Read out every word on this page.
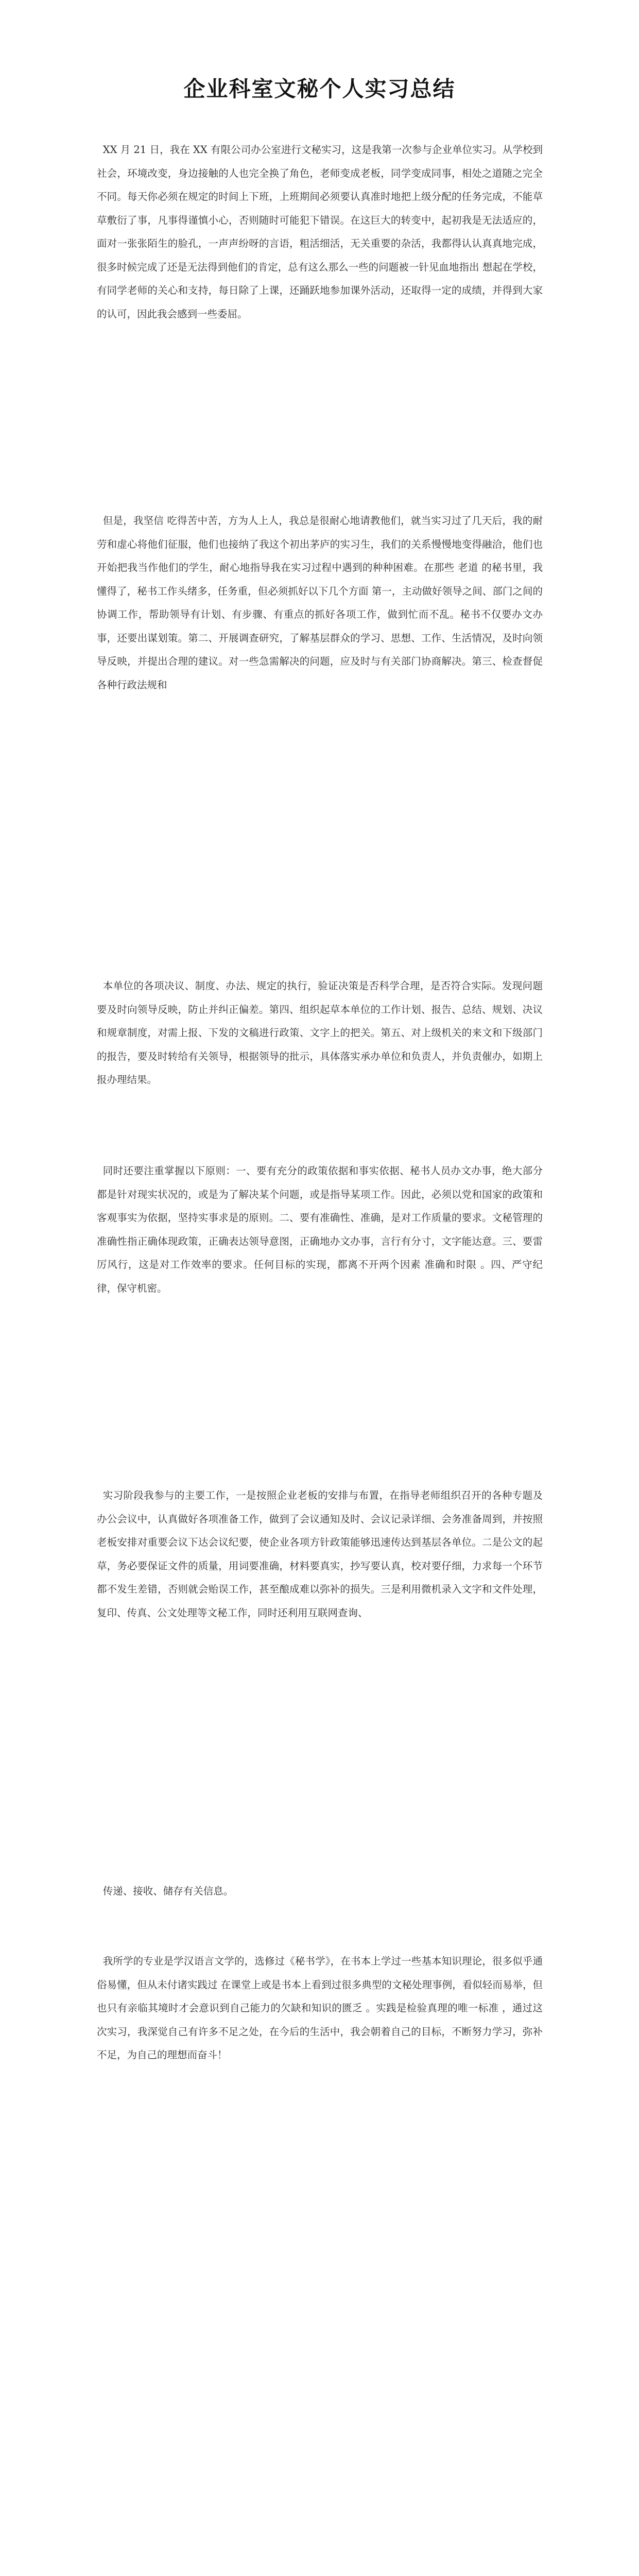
企业科室文秘个人实习总结

XX 月 21 日，我在 XX 有限公司办公室进行文秘实习，这是我第一次参与企业单位实习。从学校到社会，环境改变，身边接触的人也完全换了角色，老师变成老板，同学变成同事，相处之道随之完全不同。每天你必须在规定的时间上下班，上班期间必须要认真准时地把上级分配的任务完成，不能草草敷衍了事，凡事得谨慎小心，否则随时可能犯下错误。在这巨大的转变中，起初我是无法适应的，面对一张张陌生的脸孔，一声声纷呀的言语，粗活细活，无关重要的杂活，我都得认认真真地完成，很多时候完成了还是无法得到他们的肯定，总有这么那么一些的问题被一针见血地指出 想起在学校，有同学老师的关心和支持，每日除了上课，还踊跃地参加课外活动，还取得一定的成绩，并得到大家的认可，因此我会感到一些委屈。

但是，我坚信 吃得苦中苦，方为人上人，我总是很耐心地请教他们，就当实习过了几天后，我的耐劳和虚心将他们征服，他们也接纳了我这个初出茅庐的实习生，我们的关系慢慢地变得融洽，他们也开始把我当作他们的学生，耐心地指导我在实习过程中遇到的种种困难。在那些 老道 的秘书里，我懂得了，秘书工作头绪多，任务重，但必须抓好以下几个方面 第一，主动做好领导之间、部门之间的协调工作，帮助领导有计划、有步骤、有重点的抓好各项工作，做到忙而不乱。秘书不仅要办文办事，还要出谋划策。第二、开展调查研究，了解基层群众的学习、思想、工作、生活情况，及时向领导反映，并提出合理的建议。对一些急需解决的问题，应及时与有关部门协商解决。第三、检查督促各种行政法规和

本单位的各项决议、制度、办法、规定的执行，验证决策是否科学合理，是否符合实际。发现问题要及时向领导反映，防止并纠正偏差。第四、组织起草本单位的工作计划、报告、总结、规划、决议和规章制度，对需上报、下发的文稿进行政策、文字上的把关。第五、对上级机关的来文和下级部门的报告，要及时转给有关领导，根据领导的批示，具体落实承办单位和负责人，并负责催办，如期上报办理结果。

同时还要注重掌握以下原则：一、要有充分的政策依据和事实依据、秘书人员办文办事，绝大部分都是针对现实状况的，或是为了解决某个问题，或是指导某项工作。因此，必须以党和国家的政策和客观事实为依据，坚持实事求是的原则。二、要有准确性、准确，是对工作质量的要求。文秘管理的准确性指正确体现政策，正确表达领导意图，正确地办文办事，言行有分寸，文字能达意。三、要雷厉风行，这是对工作效率的要求。任何目标的实现，都离不开两个因素 准确和时限 。四、严守纪律，保守机密。

实习阶段我参与的主要工作，一是按照企业老板的安排与布置，在指导老师组织召开的各种专题及办公会议中，认真做好各项准备工作，做到了会议通知及时、会议记录详细、会务准备周到，并按照老板安排对重要会议下达会议纪要，使企业各项方针政策能够迅速传达到基层各单位。二是公文的起草，务必要保证文件的质量，用词要准确，材料要真实，抄写要认真，校对要仔细，力求每一个环节都不发生差错，否则就会贻误工作，甚至酿成难以弥补的损失。三是利用微机录入文字和文件处理，复印、传真、公文处理等文秘工作，同时还利用互联网查询、

传递、接收、储存有关信息。

我所学的专业是学汉语言文学的，选修过《秘书学》，在书本上学过一些基本知识理论，很多似乎通俗易懂，但从未付诸实践过 在课堂上或是书本上看到过很多典型的文秘处理事例，看似轻而易举，但也只有亲临其境时才会意识到自己能力的欠缺和知识的匮乏 。实践是检验真理的唯一标准 ，通过这次实习，我深觉自己有许多不足之处，在今后的生活中，我会朝着自己的目标，不断努力学习，弥补不足，为自己的理想而奋斗！
